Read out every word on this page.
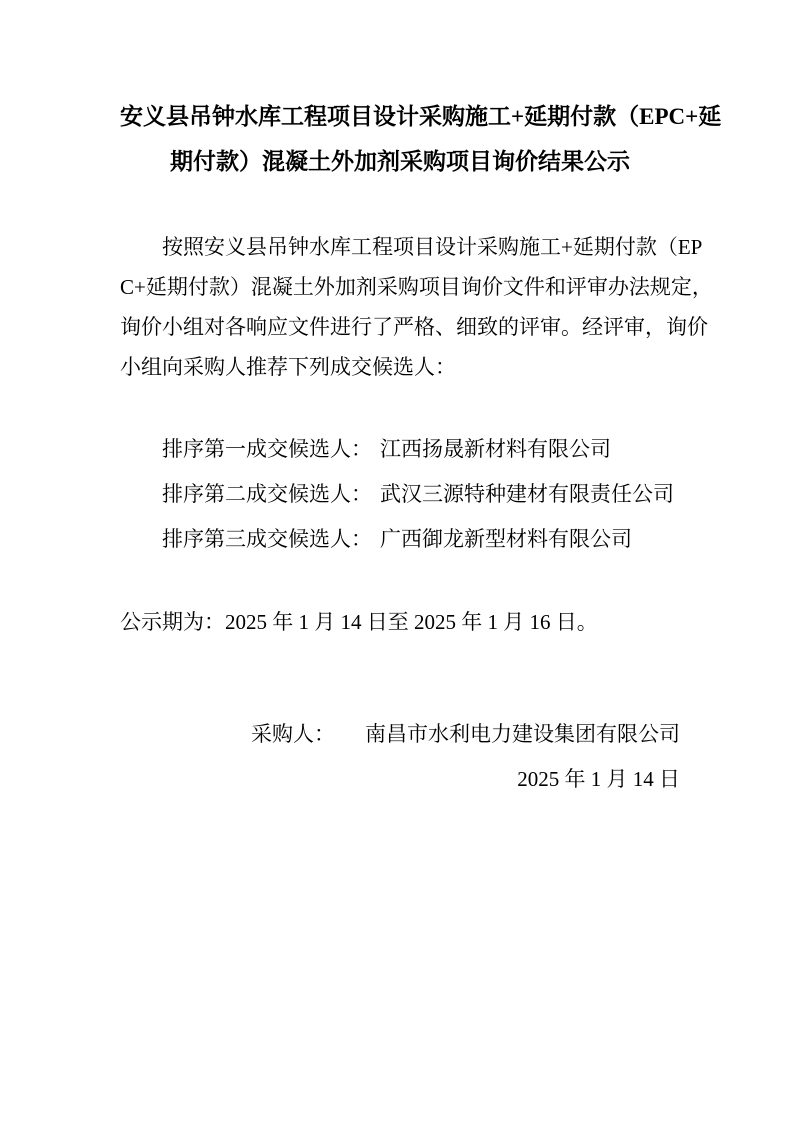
安义县吊钟水库工程项目设计采购施工+延期付款（EPC+延
期付款）混凝土外加剂采购项目询价结果公示
按照安义县吊钟水库工程项目设计采购施工+延期付款（EP
C+延期付款）混凝土外加剂采购项目询价文件和评审办法规定，
询价小组对各响应文件进行了严格、细致的评审。经评审，询价
小组向采购人推荐下列成交候选人：
排序第一成交候选人： 江西扬晟新材料有限公司
排序第二成交候选人： 武汉三源特种建材有限责任公司
排序第三成交候选人： 广西御龙新型材料有限公司
公示期为：2025 年 1 月 14 日至 2025 年 1 月 16 日。
采购人： 南昌市水利电力建设集团有限公司
2025 年 1 月 14 日
